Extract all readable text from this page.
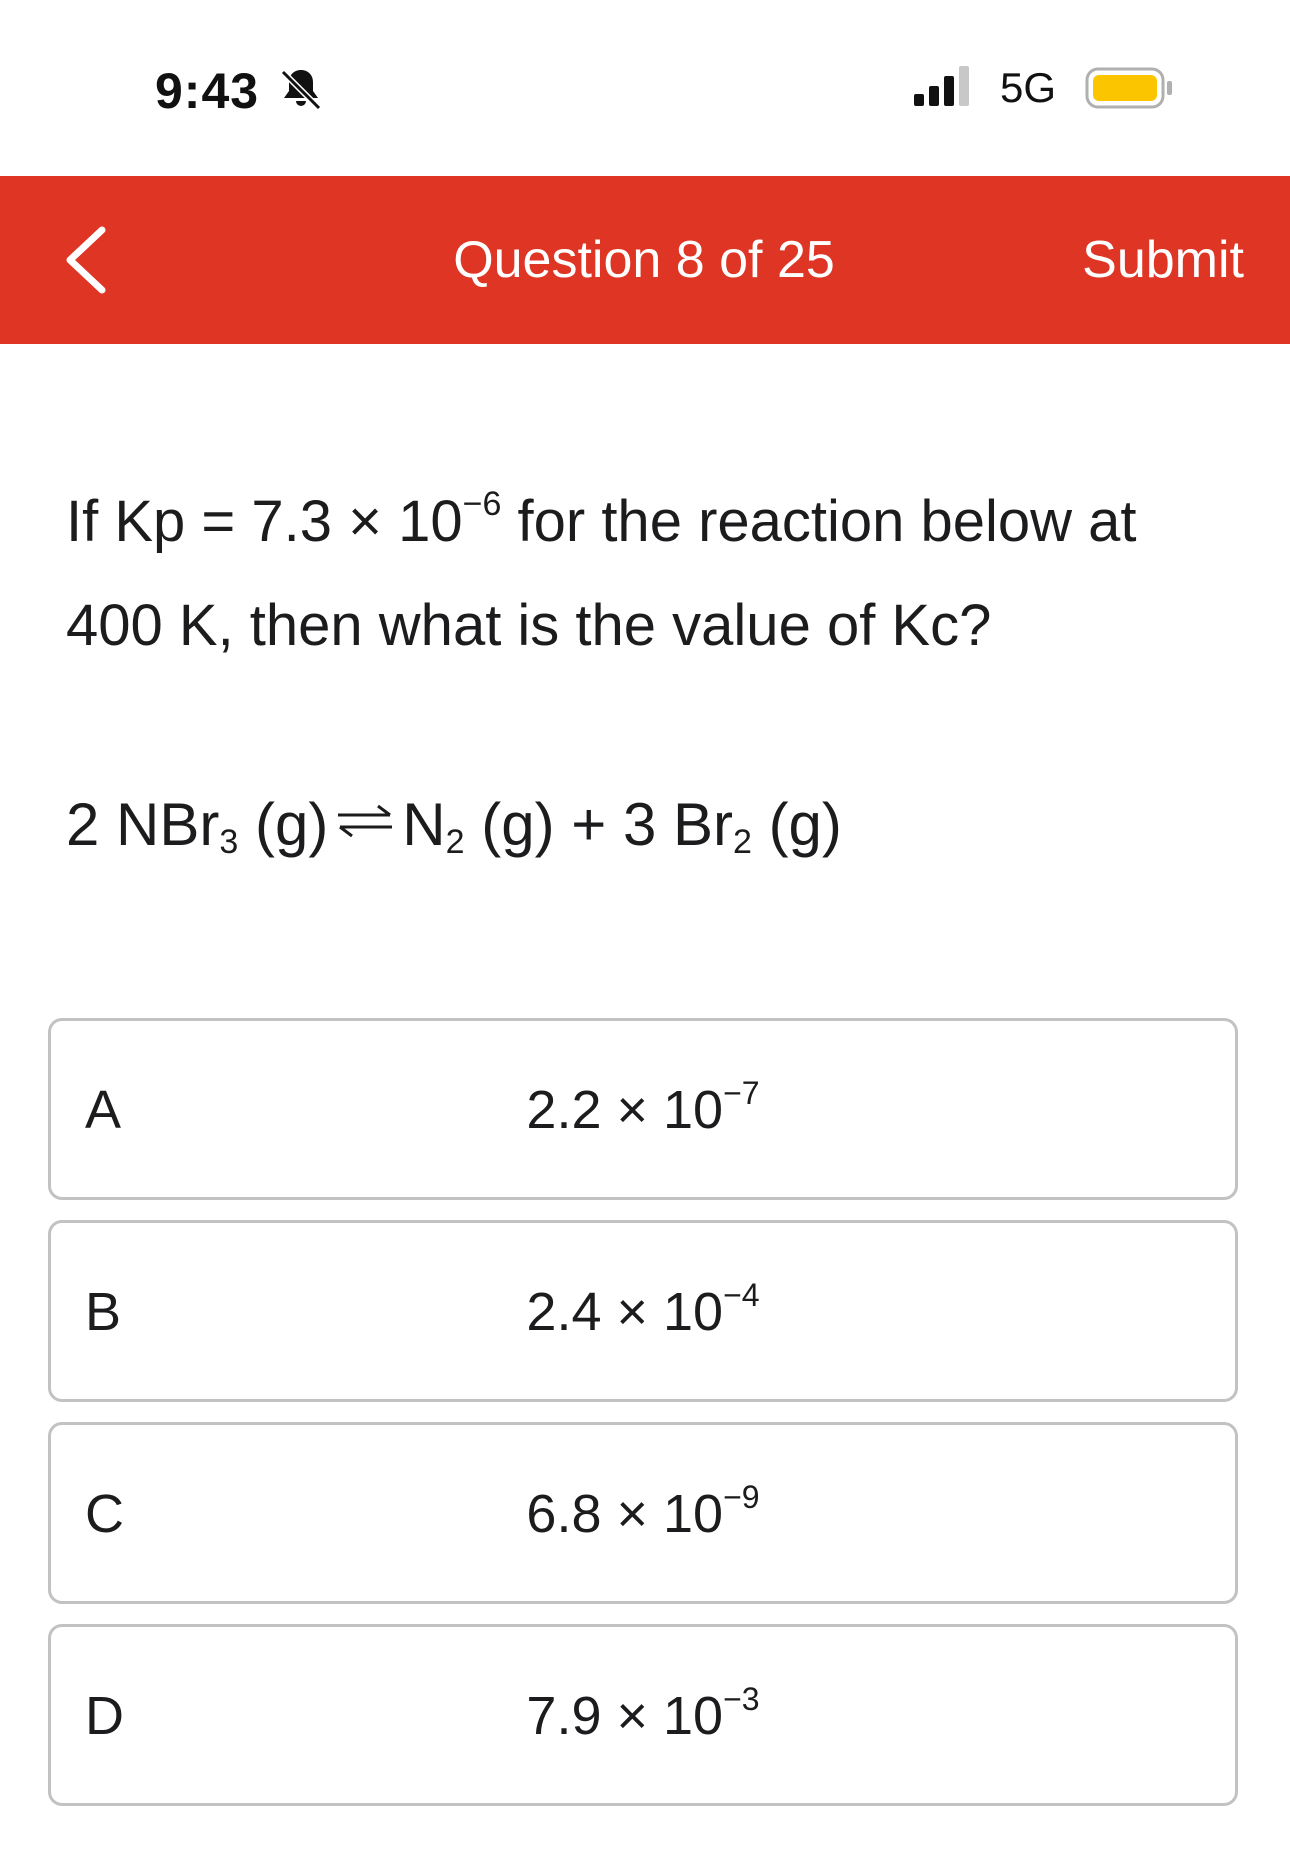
9:43	5G
Question 8 of 25	Submit
If $Kp = 7.3 \times 10^{-6}$ for the reaction below at 400 K, then what is the value of Kc?
2 NBr3 (g) ⇌ N2 (g) + 3 Br2 (g)
A	$2.2 \times 10^{-7}$
B	$2.4 \times 10^{-4}$
C	$6.8 \times 10^{-9}$
D	$7.9 \times 10^{-3}$
